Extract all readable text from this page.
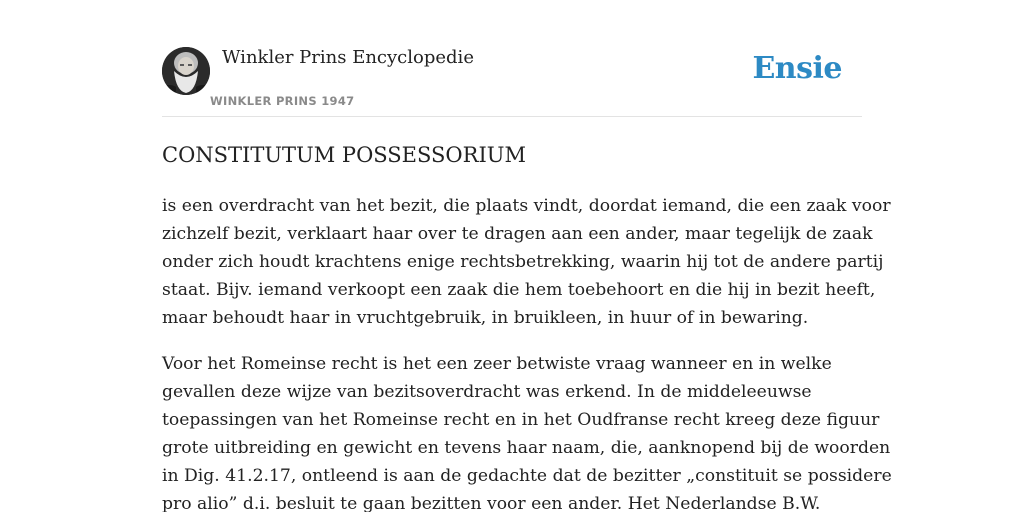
Winkler Prins Encyclopedie
WINKLER PRINS 1947
Ensie
CONSTITUTUM POSSESSORIUM

is een overdracht van het bezit, die plaats vindt, doordat iemand, die een zaak voor
zichzelf bezit, verklaart haar over te dragen aan een ander, maar tegelijk de zaak
onder zich houdt krachtens enige rechtsbetrekking, waarin hij tot de andere partij
staat. Bijv. iemand verkoopt een zaak die hem toebehoort en die hij in bezit heeft,
maar behoudt haar in vruchtgebruik, in bruikleen, in huur of in bewaring.

Voor het Romeinse recht is het een zeer betwiste vraag wanneer en in welke
gevallen deze wijze van bezitsoverdracht was erkend. In de middeleeuwse
toepassingen van het Romeinse recht en in het Oudfranse recht kreeg deze figuur
grote uitbreiding en gewicht en tevens haar naam, die, aanknopend bij de woorden
in Dig. 41.2.17, ontleend is aan de gedachte dat de bezitter „constituit se possidere
pro alio” d.i. besluit te gaan bezitten voor een ander. Het Nederlandse B.W.
